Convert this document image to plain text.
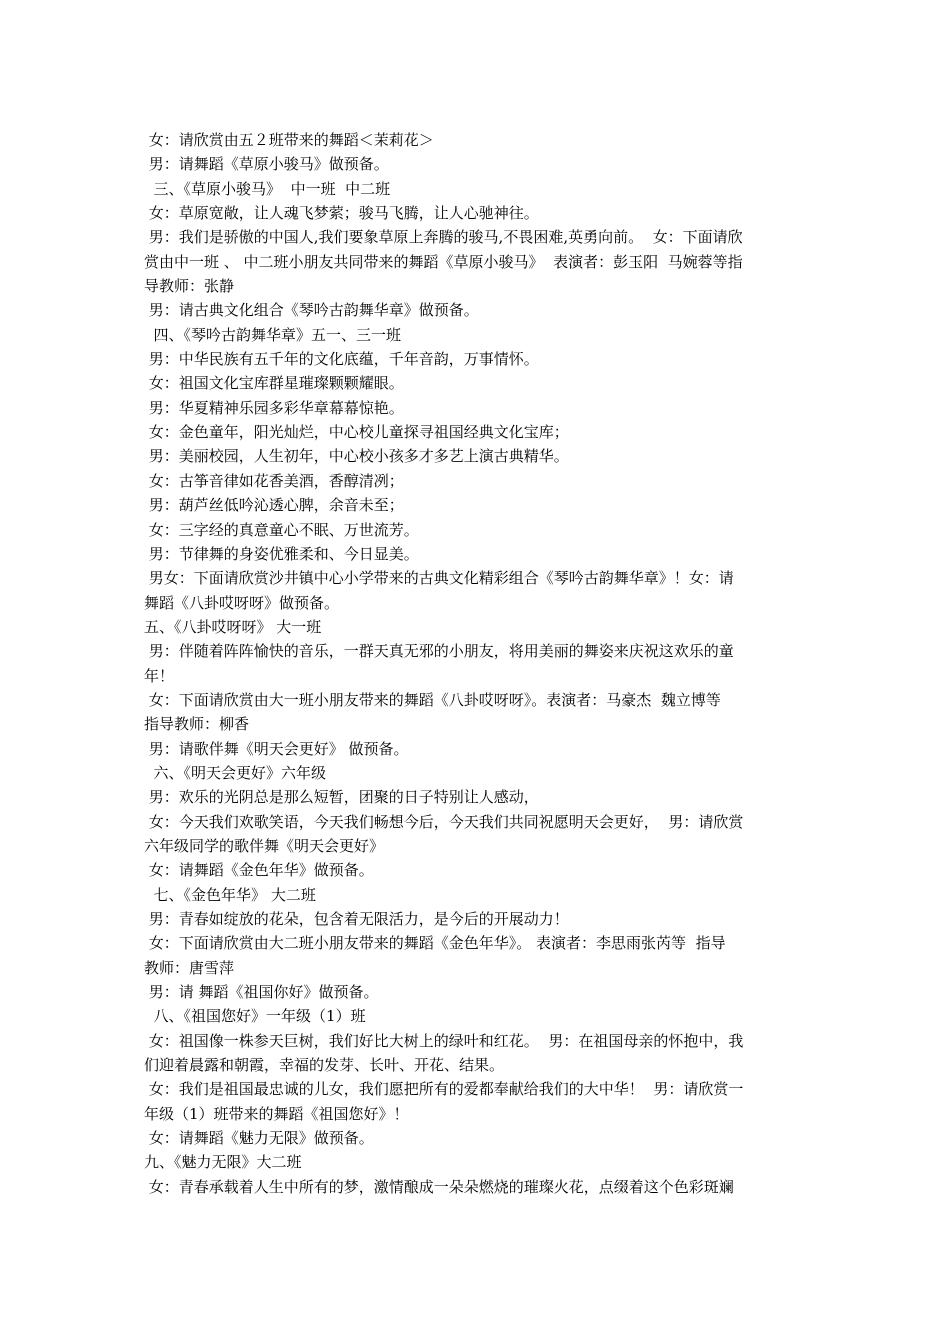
女：请欣赏由五２班带来的舞蹈＜茉莉花＞

男：请舞蹈《草原小骏马》做预备。

三、《草原小骏马》  中一班  中二班

女：草原宽敞，让人魂飞梦萦；骏马飞腾，让人心驰神往。

男：我们是骄傲的中国人,我们要象草原上奔腾的骏马,不畏困难,英勇向前。  女：下面请欣

赏由中一班 、 中二班小朋友共同带来的舞蹈《草原小骏马》  表演者：彭玉阳  马婉蓉等指

导教师：张静

男：请古典文化组合《琴吟古韵舞华章》做预备。

四、《琴吟古韵舞华章》五一、三一班

男：中华民族有五千年的文化底蕴，千年音韵，万事情怀。

女：祖国文化宝库群星璀璨颗颗耀眼。

男：华夏精神乐园多彩华章幕幕惊艳。

女：金色童年，阳光灿烂，中心校儿童探寻祖国经典文化宝库；

男：美丽校园，人生初年，中心校小孩多才多艺上演古典精华。

女：古筝音律如花香美酒，香醇清冽；

男：葫芦丝低吟沁透心脾，余音未至；

女：三字经的真意童心不眠、万世流芳。

男：节律舞的身姿优雅柔和、今日显美。

男女：下面请欣赏沙井镇中心小学带来的古典文化精彩组合《琴吟古韵舞华章》！女：请

舞蹈《八卦哎呀呀》做预备。

五、《八卦哎呀呀》 大一班

男：伴随着阵阵愉快的音乐，一群天真无邪的小朋友，将用美丽的舞姿来庆祝这欢乐的童

年！

女：下面请欣赏由大一班小朋友带来的舞蹈《八卦哎呀呀》。表演者：马豪杰  魏立博等

指导教师：柳香

男：请歌伴舞《明天会更好》 做预备。

六、《明天会更好》六年级

男：欢乐的光阴总是那么短暂，团聚的日子特别让人感动，

女：今天我们欢歌笑语，今天我们畅想今后，今天我们共同祝愿明天会更好，  男：请欣赏

六年级同学的歌伴舞《明天会更好》

女：请舞蹈《金色年华》做预备。

七、《金色年华》 大二班

男：青春如绽放的花朵，包含着无限活力，是今后的开展动力！

女：下面请欣赏由大二班小朋友带来的舞蹈《金色年华》。 表演者：李思雨张芮等  指导

教师：唐雪萍

男：请 舞蹈《祖国你好》做预备。

八、《祖国您好》一年级（1）班

女：祖国像一株参天巨树，我们好比大树上的绿叶和红花。  男：在祖国母亲的怀抱中，我

们迎着晨露和朝霞，幸福的发芽、长叶、开花、结果。

女：我们是祖国最忠诚的儿女，我们愿把所有的爱都奉献给我们的大中华！  男：请欣赏一

年级（1）班带来的舞蹈《祖国您好》！

女：请舞蹈《魅力无限》做预备。

九、《魅力无限》大二班

女：青春承载着人生中所有的梦，激情酿成一朵朵燃烧的璀璨火花，点缀着这个色彩斑斓
